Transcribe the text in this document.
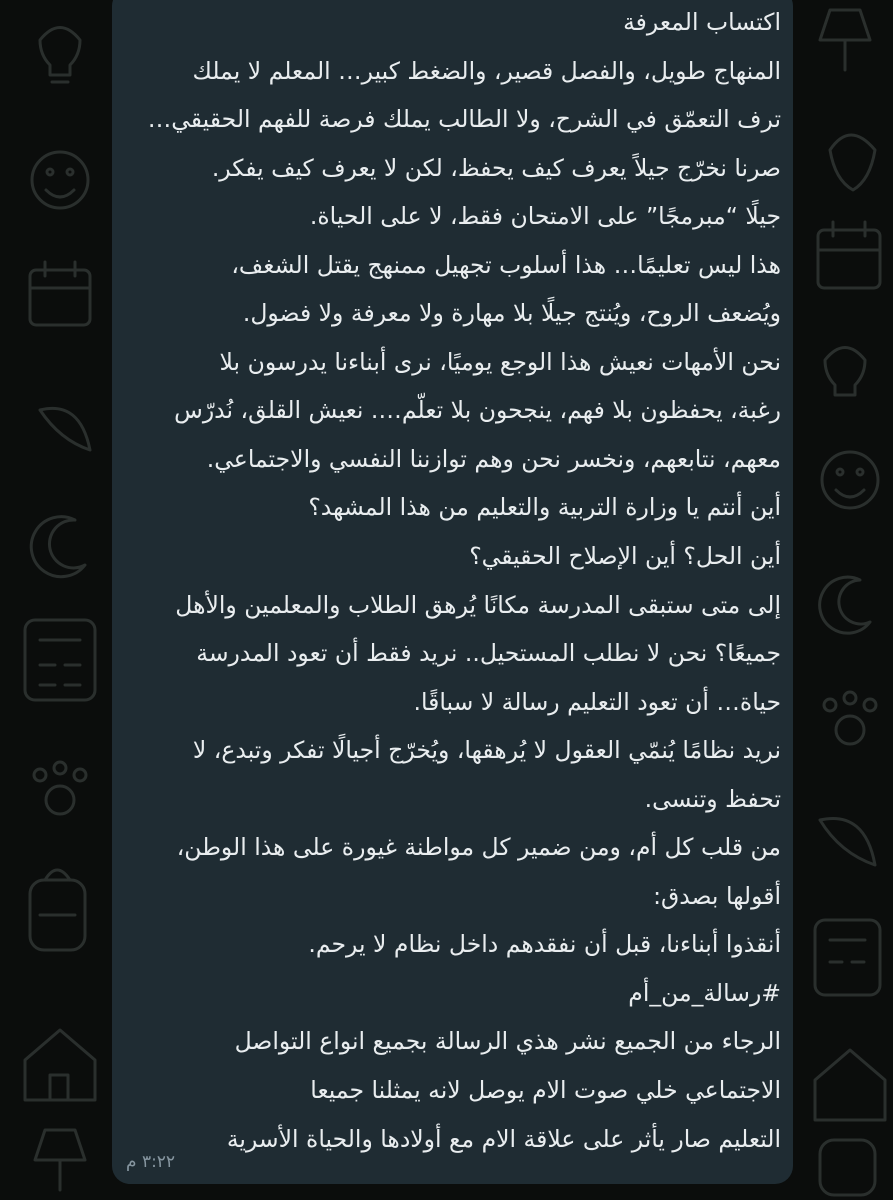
اكتساب المعرفة
المنهاج طويل، والفصل قصير، والضغط كبير… المعلم لا يملك
ترف التعمّق في الشرح، ولا الطالب يملك فرصة للفهم الحقيقي…
صرنا نخرّج جيلاً يعرف كيف يحفظ، لكن لا يعرف كيف يفكر.
جيلًا “مبرمجًا” على الامتحان فقط، لا على الحياة.
هذا ليس تعليمًا… هذا أسلوب تجهيل ممنهج يقتل الشغف،
ويُضعف الروح، ويُنتج جيلًا بلا مهارة ولا معرفة ولا فضول.
نحن الأمهات نعيش هذا الوجع يوميًا، نرى أبناءنا يدرسون بلا
رغبة، يحفظون بلا فهم، ينجحون بلا تعلّم…. نعيش القلق، نُدرّس
معهم، نتابعهم، ونخسر نحن وهم توازننا النفسي والاجتماعي.
أين أنتم يا وزارة التربية والتعليم من هذا المشهد؟
أين الحل؟ أين الإصلاح الحقيقي؟
إلى متى ستبقى المدرسة مكانًا يُرهق الطلاب والمعلمين والأهل
جميعًا؟ نحن لا نطلب المستحيل.. نريد فقط أن تعود المدرسة
حياة… أن تعود التعليم رسالة لا سباقًا.
نريد نظامًا يُنمّي العقول لا يُرهقها، ويُخرّج أجيالًا تفكر وتبدع، لا
تحفظ وتنسى.
من قلب كل أم، ومن ضمير كل مواطنة غيورة على هذا الوطن،
أقولها بصدق:
أنقذوا أبناءنا، قبل أن نفقدهم داخل نظام لا يرحم.
#رسالة_من_أم
الرجاء من الجميع نشر هذي الرسالة بجميع انواع التواصل
الاجتماعي خلي صوت الام يوصل لانه يمثلنا جميعا
التعليم صار يأثر على علاقة الام مع أولادها والحياة الأسرية
٣:٢٢ م
